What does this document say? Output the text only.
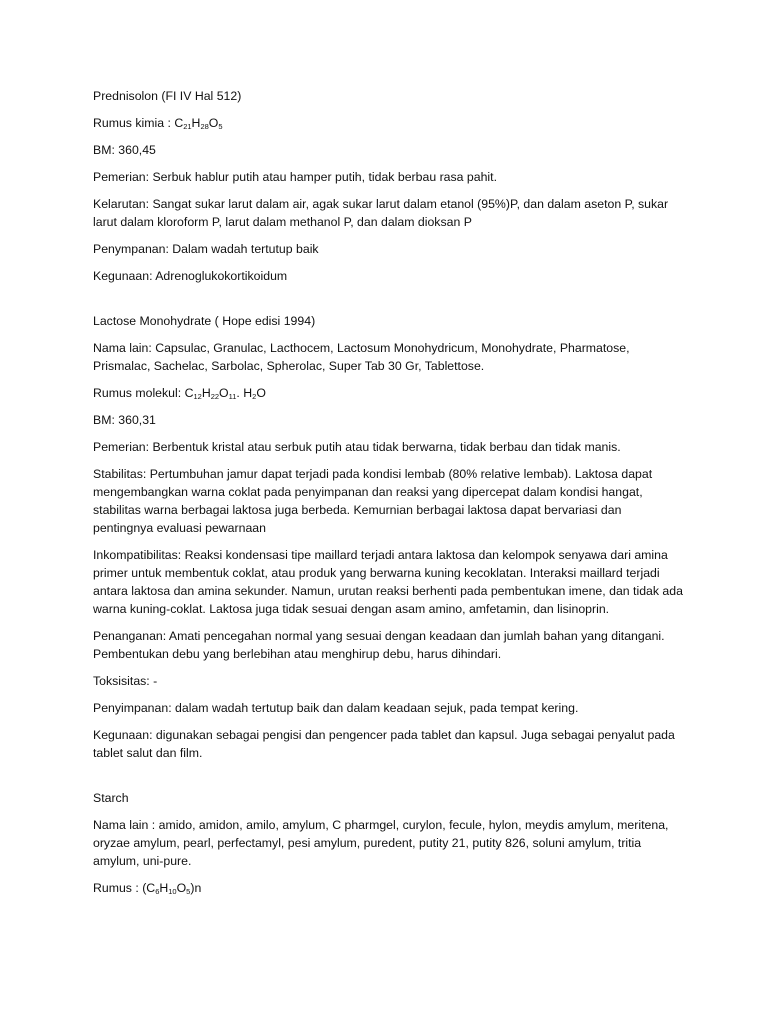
Prednisolon (FI IV Hal 512)

Rumus kimia : $C_{21}H_{28}O_5$

BM: 360,45

Pemerian: Serbuk hablur putih atau hamper putih, tidak berbau rasa pahit.

Kelarutan: Sangat sukar larut dalam air, agak sukar larut dalam etanol (95%)P, dan dalam aseton P, sukar larut dalam kloroform P, larut dalam methanol P, dan dalam dioksan P

Penympanan: Dalam wadah tertutup baik

Kegunaan: Adrenoglukokortikoidum

Lactose Monohydrate ( Hope edisi 1994)

Nama lain: Capsulac, Granulac, Lacthocem, Lactosum Monohydricum, Monohydrate, Pharmatose, Prismalac, Sachelac, Sarbolac, Spherolac, Super Tab 30 Gr, Tablettose.

Rumus molekul: $C_{12}H_{22}O_{11}$. $H_2O$

BM: 360,31

Pemerian: Berbentuk kristal atau serbuk putih atau tidak berwarna, tidak berbau dan tidak manis.

Stabilitas: Pertumbuhan jamur dapat terjadi pada kondisi lembab (80% relative lembab). Laktosa dapat mengembangkan warna coklat pada penyimpanan dan reaksi yang dipercepat dalam kondisi hangat, stabilitas warna berbagai laktosa juga berbeda. Kemurnian berbagai laktosa dapat bervariasi dan pentingnya evaluasi pewarnaan

Inkompatibilitas: Reaksi kondensasi tipe maillard terjadi antara laktosa dan kelompok senyawa dari amina primer untuk membentuk coklat, atau produk yang berwarna kuning kecoklatan. Interaksi maillard terjadi antara laktosa dan amina sekunder. Namun, urutan reaksi berhenti pada pembentukan imene, dan tidak ada warna kuning-coklat. Laktosa juga tidak sesuai dengan asam amino, amfetamin, dan lisinoprin.

Penanganan: Amati pencegahan normal yang sesuai dengan keadaan dan jumlah bahan yang ditangani. Pembentukan debu yang berlebihan atau menghirup debu, harus dihindari.

Toksisitas: -

Penyimpanan: dalam wadah tertutup baik dan dalam keadaan sejuk, pada tempat kering.

Kegunaan: digunakan sebagai pengisi dan pengencer pada tablet dan kapsul. Juga sebagai penyalut pada tablet salut dan film.

Starch

Nama lain : amido, amidon, amilo, amylum, C pharmgel, curylon, fecule, hylon, meydis amylum, meritena, oryzae amylum, pearl, perfectamyl, pesi amylum, puredent, putity 21, putity 826, soluni amylum, tritia amylum, uni-pure.

Rumus : $(C_6H_{10}O_5)n$
